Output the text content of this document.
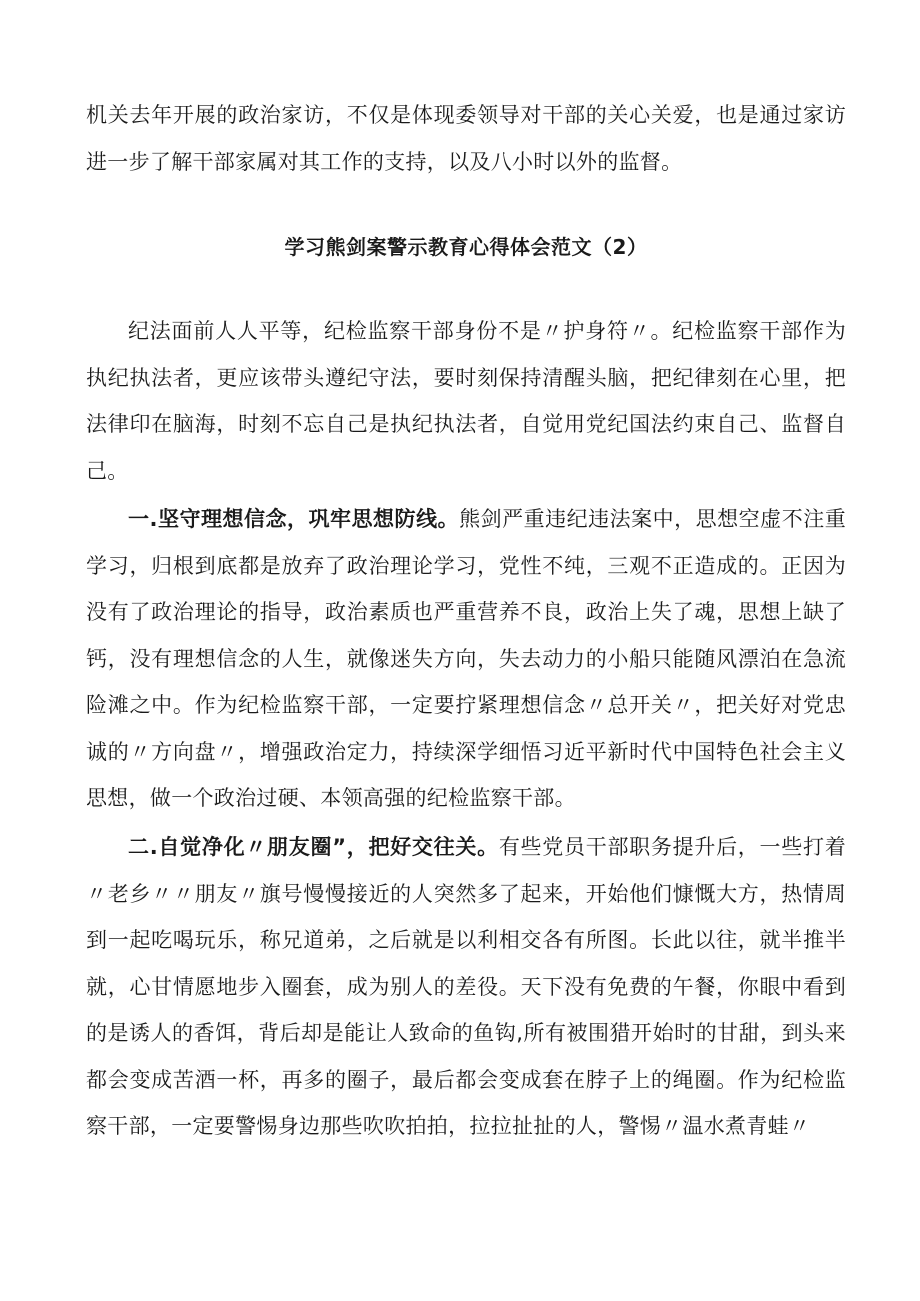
机关去年开展的政治家访，不仅是体现委领导对干部的关心关爱，也是通过家访进一步了解干部家属对其工作的支持，以及八小时以外的监督。

学习熊剑案警示教育心得体会范文（2）

纪法面前人人平等，纪检监察干部身份不是〃护身符〃。纪检监察干部作为执纪执法者，更应该带头遵纪守法，要时刻保持清醒头脑，把纪律刻在心里，把法律印在脑海，时刻不忘自己是执纪执法者，自觉用党纪国法约束自己、监督自己。

一.坚守理想信念，巩牢思想防线。熊剑严重违纪违法案中，思想空虚不注重学习，归根到底都是放弃了政治理论学习，党性不纯，三观不正造成的。正因为没有了政治理论的指导，政治素质也严重营养不良，政治上失了魂，思想上缺了钙，没有理想信念的人生，就像迷失方向，失去动力的小船只能随风漂泊在急流险滩之中。作为纪检监察干部，一定要拧紧理想信念〃总开关〃，把关好对党忠诚的〃方向盘〃，增强政治定力，持续深学细悟习近平新时代中国特色社会主义思想，做一个政治过硬、本领高强的纪检监察干部。

二.自觉净化〃朋友圈”，把好交往关。有些党员干部职务提升后，一些打着〃老乡〃〃朋友〃旗号慢慢接近的人突然多了起来，开始他们慷慨大方，热情周到一起吃喝玩乐，称兄道弟，之后就是以利相交各有所图。长此以往，就半推半就，心甘情愿地步入圈套，成为别人的差役。天下没有免费的午餐，你眼中看到的是诱人的香饵，背后却是能让人致命的鱼钩,所有被围猎开始时的甘甜，到头来都会变成苦酒一杯，再多的圈子，最后都会变成套在脖子上的绳圈。作为纪检监察干部，一定要警惕身边那些吹吹拍拍，拉拉扯扯的人，警惕〃温水煮青蛙〃
